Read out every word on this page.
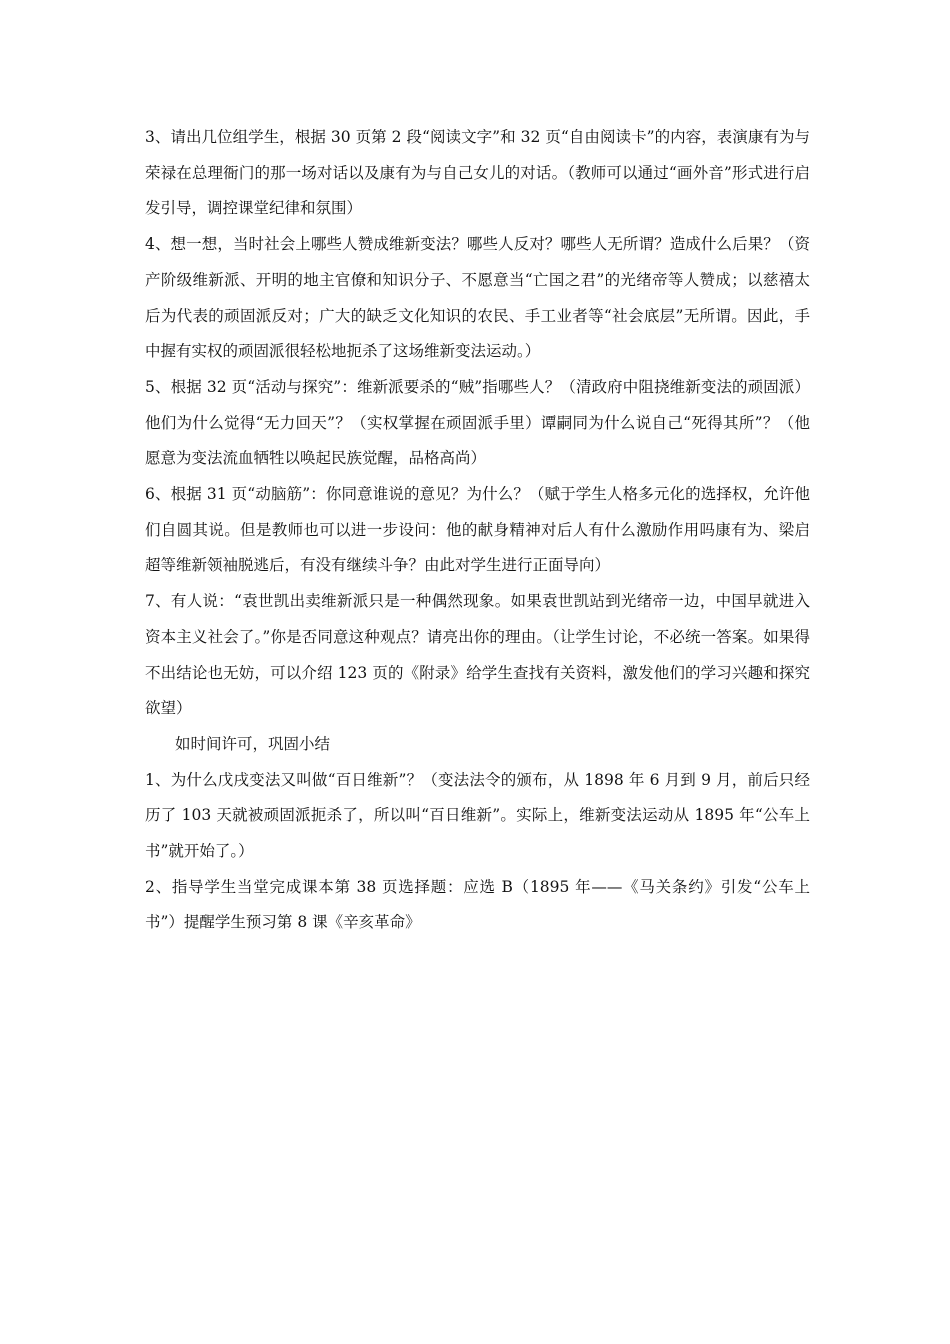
3、请出几位组学生，根据 30 页第 2 段“阅读文字”和 32 页“自由阅读卡”的内容，表演康有为与荣禄在总理衙门的那一场对话以及康有为与自己女儿的对话。（教师可以通过“画外音”形式进行启发引导，调控课堂纪律和氛围）

4、想一想，当时社会上哪些人赞成维新变法？哪些人反对？哪些人无所谓？造成什么后果？（资产阶级维新派、开明的地主官僚和知识分子、不愿意当“亡国之君”的光绪帝等人赞成；以慈禧太后为代表的顽固派反对；广大的缺乏文化知识的农民、手工业者等“社会底层”无所谓。因此，手中握有实权的顽固派很轻松地扼杀了这场维新变法运动。）

5、根据 32 页“活动与探究”：维新派要杀的“贼”指哪些人？（清政府中阻挠维新变法的顽固派）他们为什么觉得“无力回天”？（实权掌握在顽固派手里）谭嗣同为什么说自己“死得其所”？（他愿意为变法流血牺牲以唤起民族觉醒，品格高尚）

6、根据 31 页“动脑筋”：你同意谁说的意见？为什么？（赋于学生人格多元化的选择权，允许他们自圆其说。但是教师也可以进一步设问：他的献身精神对后人有什么激励作用吗康有为、梁启超等维新领袖脱逃后，有没有继续斗争？由此对学生进行正面导向）

7、有人说：“袁世凯出卖维新派只是一种偶然现象。如果袁世凯站到光绪帝一边，中国早就进入资本主义社会了。”你是否同意这种观点？请亮出你的理由。（让学生讨论，不必统一答案。如果得不出结论也无妨，可以介绍 123 页的《附录》给学生查找有关资料，激发他们的学习兴趣和探究欲望）

如时间许可，巩固小结

1、为什么戊戌变法又叫做“百日维新”？（变法法令的颁布，从 1898 年 6 月到 9 月，前后只经历了 103 天就被顽固派扼杀了，所以叫“百日维新”。实际上，维新变法运动从 1895 年“公车上书”就开始了。）

2、指导学生当堂完成课本第 38 页选择题：应选 B（1895 年——《马关条约》引发“公车上书”）提醒学生预习第 8 课《辛亥革命》
